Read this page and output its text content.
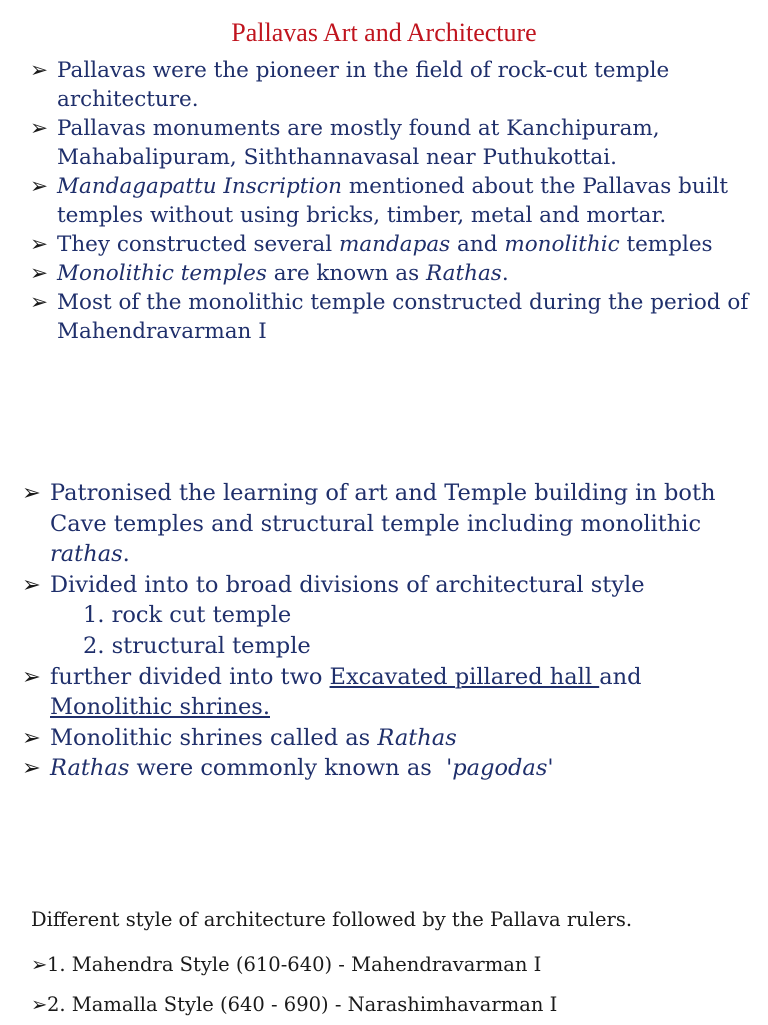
Pallavas Art and Architecture
➢ Pallavas were the pioneer in the field of rock-cut temple architecture.
➢ Pallavas monuments are mostly found at Kanchipuram, Mahabalipuram, Siththannavasal near Puthukottai.
➢ Mandagapattu Inscription mentioned about the Pallavas built temples without using bricks, timber, metal and mortar.
➢ They constructed several mandapas and monolithic temples
➢ Monolithic temples are known as Rathas.
➢ Most of the monolithic temple constructed during the period of Mahendravarman I
➢ Patronised the learning of art and Temple building in both Cave temples and structural temple including monolithic rathas.
➢ Divided into to broad divisions of architectural style
1. rock cut temple
2. structural temple
➢ further divided into two Excavated pillared hall and Monolithic shrines.
➢ Monolithic shrines called as Rathas
➢ Rathas were commonly known as  'pagodas'
Different style of architecture followed by the Pallava rulers.
➢ 1. Mahendra Style (610-640) - Mahendravarman I
➢ 2. Mamalla Style (640 - 690) - Narashimhavarman I
